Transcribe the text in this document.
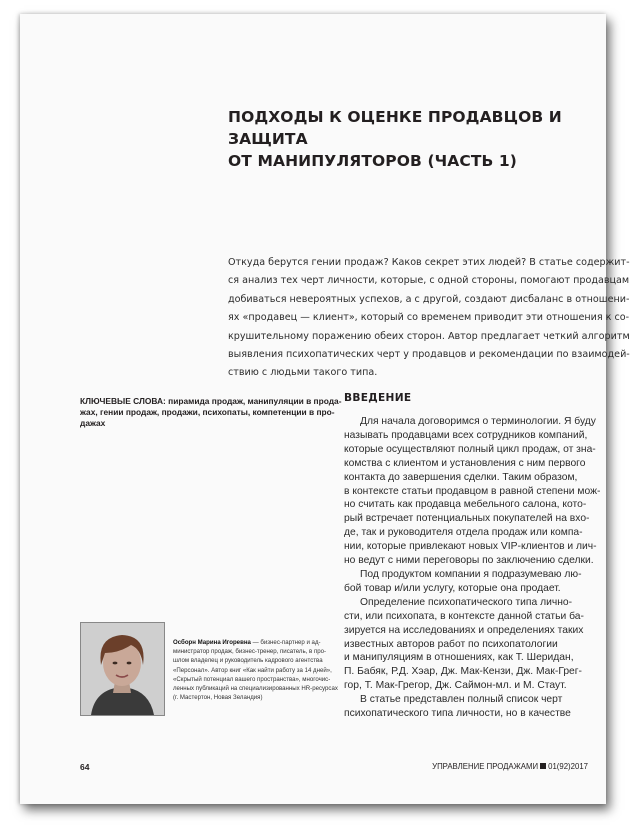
ПОДХОДЫ К ОЦЕНКЕ ПРОДАВЦОВ И ЗАЩИТА
ОТ МАНИПУЛЯТОРОВ (ЧАСТЬ 1)

Откуда берутся гении продаж? Каков секрет этих людей? В статье содержит-
ся анализ тех черт личности, которые, с одной стороны, помогают продавцам
добиваться невероятных успехов, а с другой, создают дисбаланс в отношени-
ях «продавец — клиент», который со временем приводит эти отношения к со-
крушительному поражению обеих сторон. Автор предлагает четкий алгоритм
выявления психопатических черт у продавцов и рекомендации по взаимодей-
ствию с людьми такого типа.

КЛЮЧЕВЫЕ СЛОВА: пирамида продаж, манипуляции в прода-
жах, гении продаж, продажи, психопаты, компетенции в про-
дажах

ВВЕДЕНИЕ

Для начала договоримся о терминологии. Я буду
называть продавцами всех сотрудников компаний,
которые осуществляют полный цикл продаж, от зна-
комства с клиентом и установления с ним первого
контакта до завершения сделки. Таким образом,
в контексте статьи продавцом в равной степени мож-
но считать как продавца мебельного салона, кото-
рый встречает потенциальных покупателей на вхо-
де, так и руководителя отдела продаж или компа-
нии, которые привлекают новых VIP-клиентов и лич-
но ведут с ними переговоры по заключению сделки.
Под продуктом компании я подразумеваю лю-
бой товар и/или услугу, которые она продает.
Определение психопатического типа лично-
сти, или психопата, в контексте данной статьи ба-
зируется на исследованиях и определениях таких
известных авторов работ по психопатологии
и манипуляциям в отношениях, как Т. Шеридан,
П. Бабяк, Р.Д. Хэар, Дж. Мак-Кензи, Дж. Мак-Грег-
гор, Т. Мак-Грегор, Дж. Саймон-мл. и М. Стаут.
В статье представлен полный список черт
психопатического типа личности, но в качестве

Осборн Марина Игоревна — бизнес-партнер и ад-
министратор продаж, бизнес-тренер, писатель, в про-
шлом владелец и руководитель кадрового агентства
«Персонал». Автор книг «Как найти работу за 14 дней»,
«Скрытый потенциал вашего пространства», многочис-
ленных публикаций на специализированных HR-ресурсах
(г. Мастертон, Новая Зеландия)

64	УПРАВЛЕНИЕ ПРОДАЖАМИ 01(92)2017
